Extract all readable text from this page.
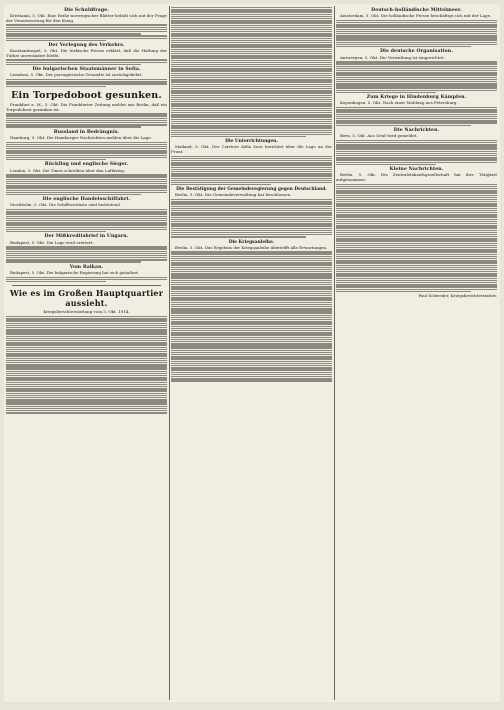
Die Schuldfrage.

Kristiania, 5. Okt. Eine Reihe norwegischer Blätter befaßt sich mit der Frage der Verantwortung für den Krieg.

Der Verlegung des Verkehrs.

Konstantinopel, 5. Okt. Die türkische Presse erklärt, daß die Haltung der Türkei unverändert bleibt.

Die bulgarischen Staatsmänner in Sofia.

Lissabon, 5. Okt. Der portugiesische Gesandte ist zurückgekehrt.

Ein Torpedoboot gesunken.

Frankfurt a. M., 5. Okt. Die Frankfurter Zeitung meldet aus Berlin, daß ein Torpedoboot gesunken ist.

Russland in Bedrängnis.

Hamburg, 5. Okt. Die Hamburger Nachrichten melden über die Lage.

Rückflug und englische Sieger.

London, 5. Okt. Die Times schreiben über den Luftkrieg.

Die englische Handelsschiffahrt.

Stockholm, 5. Okt. Die Schiffsverluste sind bedeutend.

Der Mißkreditsbrief in Ungarn.

Budapest, 5. Okt. Die Lage wird erörtert.

Vom Balkan.

Budapest, 5. Okt. Die bulgarische Regierung hat sich geäußert.

Wie es im Großen Hauptquartier aussieht.
Kriegsberichterstattung vom 5. Okt. 1914.
Die Unterrichtungen.

Mailand, 5. Okt. Der Corriere della Sera berichtet über die Lage an der Front.

Die Bestätigung der Gemeinderegierung gegen Deutschland.

Berlin, 5. Okt. Die Gemeindeverwaltung hat beschlossen.

Die Kriegsanleihe.

Berlin, 5. Okt. Das Ergebnis der Kriegsanleihe übertrifft alle Erwartungen.

Deutsch-holländische Mittelmeer.

Amsterdam, 5. Okt. Die holländische Presse beschäftigt sich mit der Lage.

Die deutsche Organisation.

Antwerpen, 5. Okt. Die Verwaltung ist eingerichtet.

Zum Kriege in Hindenburg Kämpfen.

Kopenhagen, 5. Okt. Nach einer Meldung aus Petersburg.

Die Nachrichten.

Bern, 5. Okt. Aus Genf wird gemeldet.

Kleine Nachrichten.

Berlin, 5. Okt. Die Zentraleinkaufsgesellschaft hat ihre Tätigkeit aufgenommen.

Paul Schweder, Kriegsberichterstatter.
